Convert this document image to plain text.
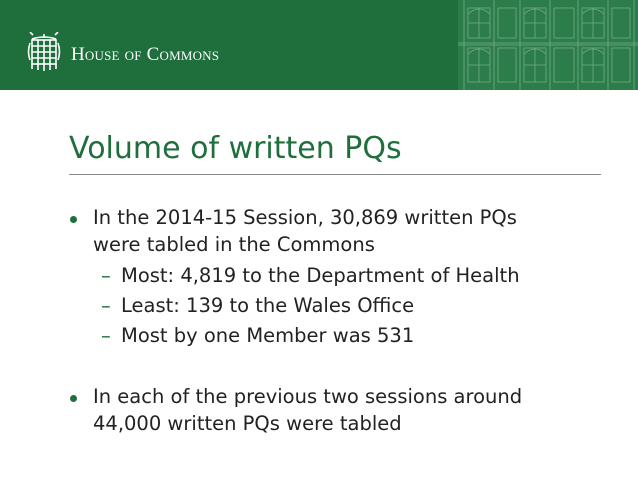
HOUSE OF COMMONS
Volume of written PQs
In the 2014-15 Session, 30,869 written PQs
were tabled in the Commons
– Most: 4,819 to the Department of Health
– Least: 139 to the Wales Office
– Most by one Member was 531
In each of the previous two sessions around
44,000 written PQs were tabled
